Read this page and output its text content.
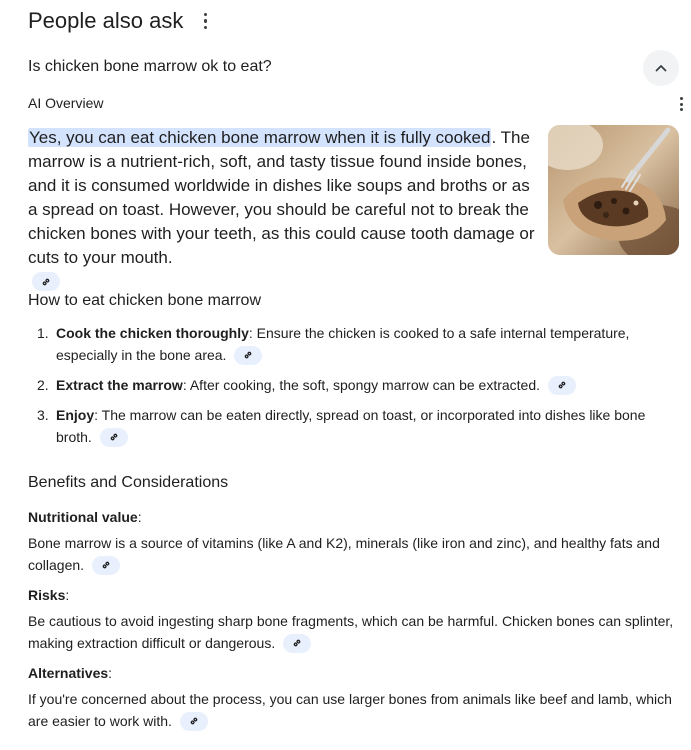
People also ask
Is chicken bone marrow ok to eat?
AI Overview
Yes, you can eat chicken bone marrow when it is fully cooked. The marrow is a nutrient-rich, soft, and tasty tissue found inside bones, and it is consumed worldwide in dishes like soups and broths or as a spread on toast. However, you should be careful not to break the chicken bones with your teeth, as this could cause tooth damage or cuts to your mouth.

How to eat chicken bone marrow
1. Cook the chicken thoroughly: Ensure the chicken is cooked to a safe internal temperature, especially in the bone area.
2. Extract the marrow: After cooking, the soft, spongy marrow can be extracted.
3. Enjoy: The marrow can be eaten directly, spread on toast, or incorporated into dishes like bone broth.
Benefits and Considerations
Nutritional value:
Bone marrow is a source of vitamins (like A and K2), minerals (like iron and zinc), and healthy fats and collagen.
Risks:
Be cautious to avoid ingesting sharp bone fragments, which can be harmful. Chicken bones can splinter, making extraction difficult or dangerous.
Alternatives:
If you're concerned about the process, you can use larger bones from animals like beef and lamb, which are easier to work with.
